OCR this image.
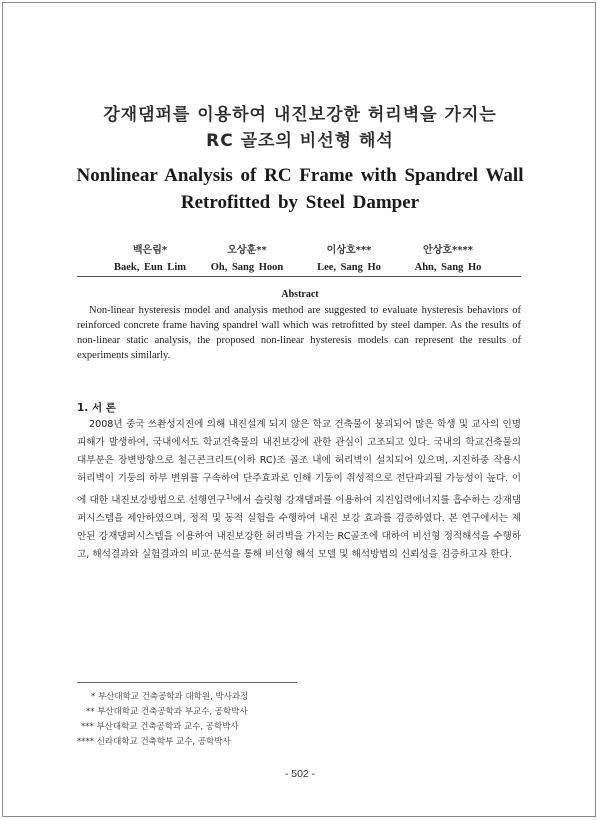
강재댐퍼를 이용하여 내진보강한 허리벽을 가지는
RC 골조의 비선형 해석
Nonlinear Analysis of RC Frame with Spandrel Wall
Retrofitted by Steel Damper
백은림*
Baek, Eun Lim
오상훈**
Oh, Sang Hoon
이상호***
Lee, Sang Ho
안상호****
Ahn, Sang Ho
Abstract
Non-linear hysteresis model and analysis method are suggested to evaluate hysteresis behaviors of reinforced concrete frame having spandrel wall which was retrofitted by steel damper. As the results of non-linear static analysis, the proposed non-linear hysteresis models can represent the results of experiments similarly.
1. 서 론
2008년 중국 쓰촨성지진에 의해 내진설계 되지 않은 학교 건축물이 붕괴되어 많은 학생 및 교사의 인명피해가 발생하여, 국내에서도 학교건축물의 내진보강에 관한 관심이 고조되고 있다. 국내의 학교건축물의 대부분은 장변방향으로 철근콘크리트(이하 RC)조 골조 내에 허리벽이 설치되어 있으며, 지진하중 작용시 허리벽이 기둥의 하부 변위를 구속하여 단주효과로 인해 기둥이 취성적으로 전단파괴될 가능성이 높다. 이에 대한 내진보강방법으로 선행연구$^{1)}$에서 슬릿형 강재댐퍼를 이용하여 지진입력에너지를 흡수하는 강재댐퍼시스템을 제안하였으며, 정적 및 동적 실험을 수행하여 내진 보강 효과를 검증하였다. 본 연구에서는 제안된 강재댐퍼시스템을 이용하여 내진보강한 허리벽을 가지는 RC골조에 대하여 비선형 정적해석을 수행하고, 해석결과와 실험결과의 비교·분석을 통해 비선형 해석 모델 및 해석방법의 신뢰성을 검증하고자 한다.
* 부산대학교 건축공학과 대학원, 박사과정
** 부산대학교 건축공학과 부교수, 공학박사
*** 부산대학교 건축공학과 교수, 공학박사
**** 신라대학교 건축학부 교수, 공학박사
- 502 -
